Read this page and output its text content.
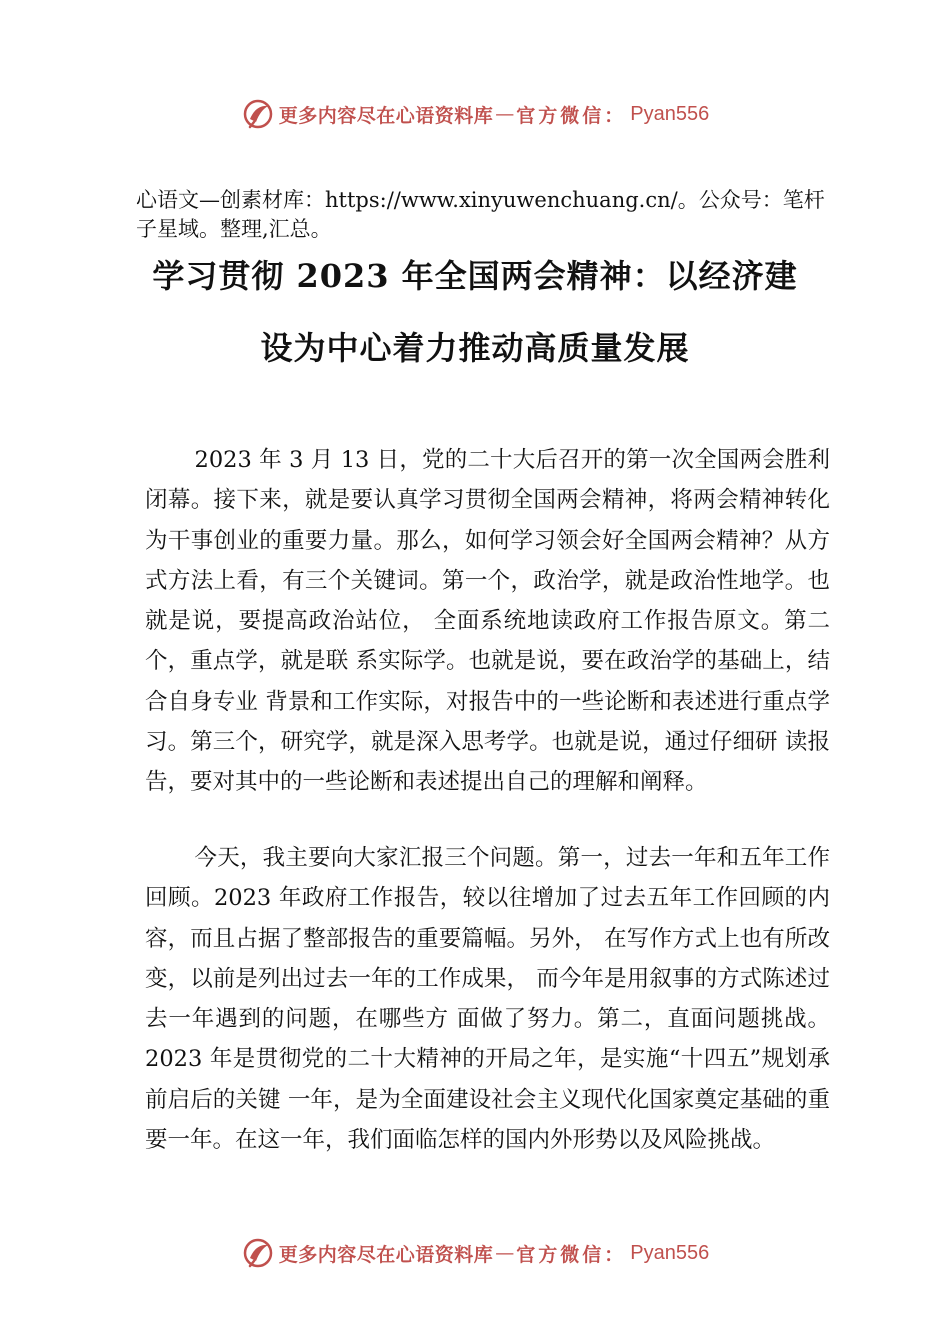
更多内容尽在心语资料库 — 官方微信： Pyan556
心语文—创素材库：https://www.xinyuwenchuang.cn/。公众号：笔杆子星域。整理,汇总。
学习贯彻 2023 年全国两会精神：以经济建
设为中心着力推动高质量发展

2023 年 3 月 13 日，党的二十大后召开的第一次全国两会胜利闭幕。接下来，就是要认真学习贯彻全国两会精神，将两会精神转化为干事创业的重要力量。那么，如何学习领会好全国两会精神？从方式方法上看，有三个关键词。第一个，政治学，就是政治性地学。也就是说，要提高政治站位， 全面系统地读政府工作报告原文。第二个，重点学，就是联 系实际学。也就是说，要在政治学的基础上，结合自身专业 背景和工作实际，对报告中的一些论断和表述进行重点学习。第三个，研究学，就是深入思考学。也就是说，通过仔细研 读报告，要对其中的一些论断和表述提出自己的理解和阐释。

今天，我主要向大家汇报三个问题。第一，过去一年和五年工作回顾。2023 年政府工作报告，较以往增加了过去五年工作回顾的内容，而且占据了整部报告的重要篇幅。另外， 在写作方式上也有所改变，以前是列出过去一年的工作成果， 而今年是用叙事的方式陈述过去一年遇到的问题，在哪些方 面做了努力。第二，直面问题挑战。2023 年是贯彻党的二十大精神的开局之年，是实施“十四五”规划承前启后的关键 一年，是为全面建设社会主义现代化国家奠定基础的重要一年。在这一年，我们面临怎样的国内外形势以及风险挑战。

更多内容尽在心语资料库 — 官方微信： Pyan556
